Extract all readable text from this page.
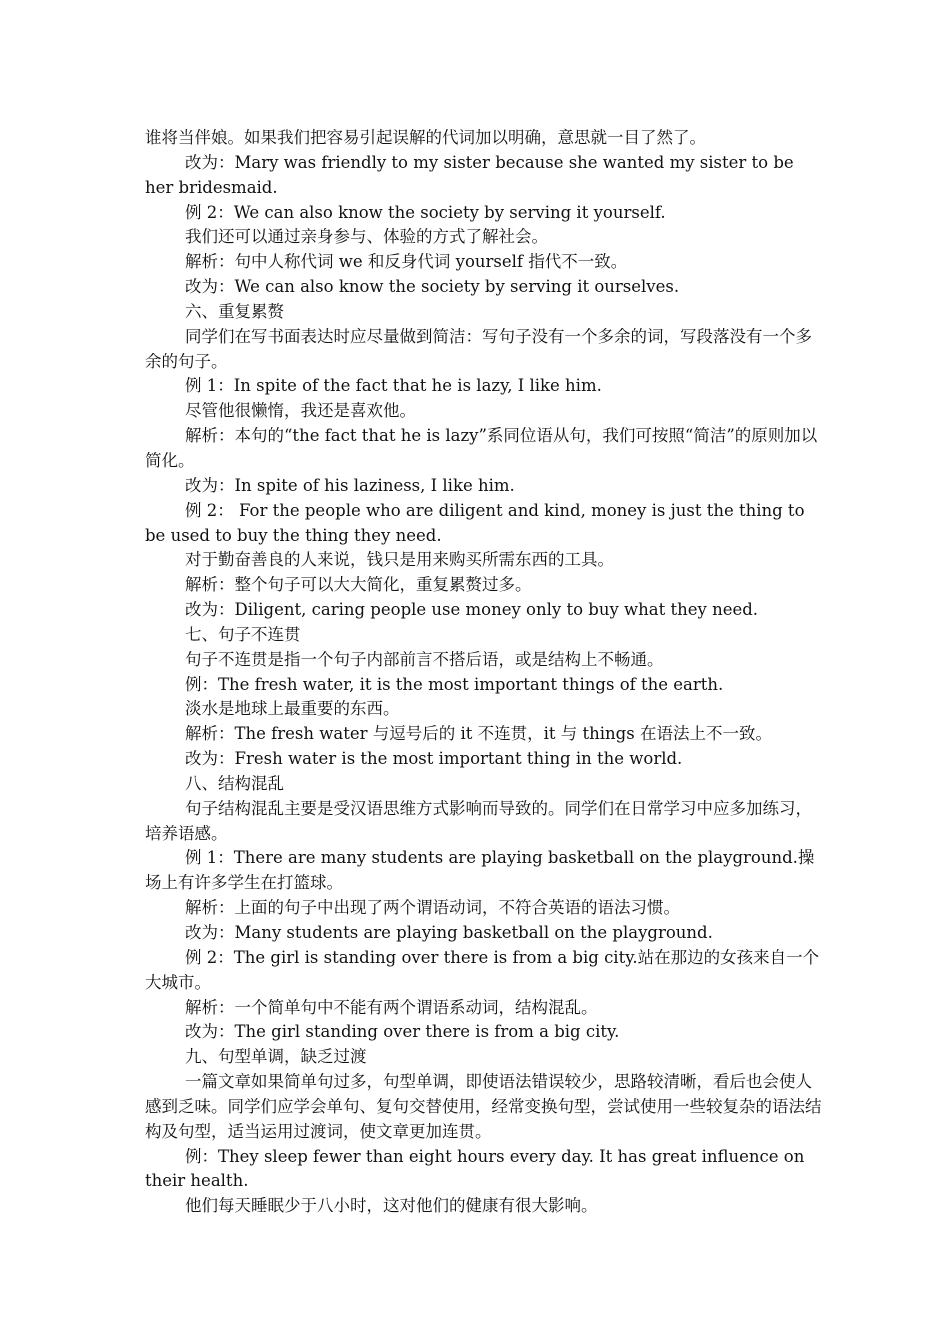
谁将当伴娘。如果我们把容易引起误解的代词加以明确，意思就一目了然了。

改为：Mary was friendly to my sister because she wanted my sister to be her bridesmaid.

例 2：We can also know the society by serving it yourself.

我们还可以通过亲身参与、体验的方式了解社会。

解析：句中人称代词 we 和反身代词 yourself 指代不一致。

改为：We can also know the society by serving it ourselves.

六、重复累赘

同学们在写书面表达时应尽量做到简洁：写句子没有一个多余的词，写段落没有一个多余的句子。

例 1：In spite of the fact that he is lazy, I like him.

尽管他很懒惰，我还是喜欢他。

解析：本句的“the fact that he is lazy”系同位语从句，我们可按照“简洁”的原则加以简化。

改为：In spite of his laziness, I like him.

例 2： For the people who are diligent and kind, money is just the thing to be used to buy the thing they need.

对于勤奋善良的人来说，钱只是用来购买所需东西的工具。

解析：整个句子可以大大简化，重复累赘过多。

改为：Diligent, caring people use money only to buy what they need.

七、句子不连贯

句子不连贯是指一个句子内部前言不搭后语，或是结构上不畅通。

例：The fresh water, it is the most important things of the earth.

淡水是地球上最重要的东西。

解析：The fresh water 与逗号后的 it 不连贯，it 与 things 在语法上不一致。

改为：Fresh water is the most important thing in the world.

八、结构混乱

句子结构混乱主要是受汉语思维方式影响而导致的。同学们在日常学习中应多加练习，培养语感。

例 1：There are many students are playing basketball on the playground.操场上有许多学生在打篮球。

解析：上面的句子中出现了两个谓语动词，不符合英语的语法习惯。

改为：Many students are playing basketball on the playground.

例 2：The girl is standing over there is from a big city.站在那边的女孩来自一个大城市。

解析：一个简单句中不能有两个谓语系动词，结构混乱。

改为：The girl standing over there is from a big city.

九、句型单调，缺乏过渡

一篇文章如果简单句过多，句型单调，即使语法错误较少，思路较清晰，看后也会使人感到乏味。同学们应学会单句、复句交替使用，经常变换句型，尝试使用一些较复杂的语法结构及句型，适当运用过渡词，使文章更加连贯。

例：They sleep fewer than eight hours every day. It has great influence on their health.

他们每天睡眠少于八小时，这对他们的健康有很大影响。
